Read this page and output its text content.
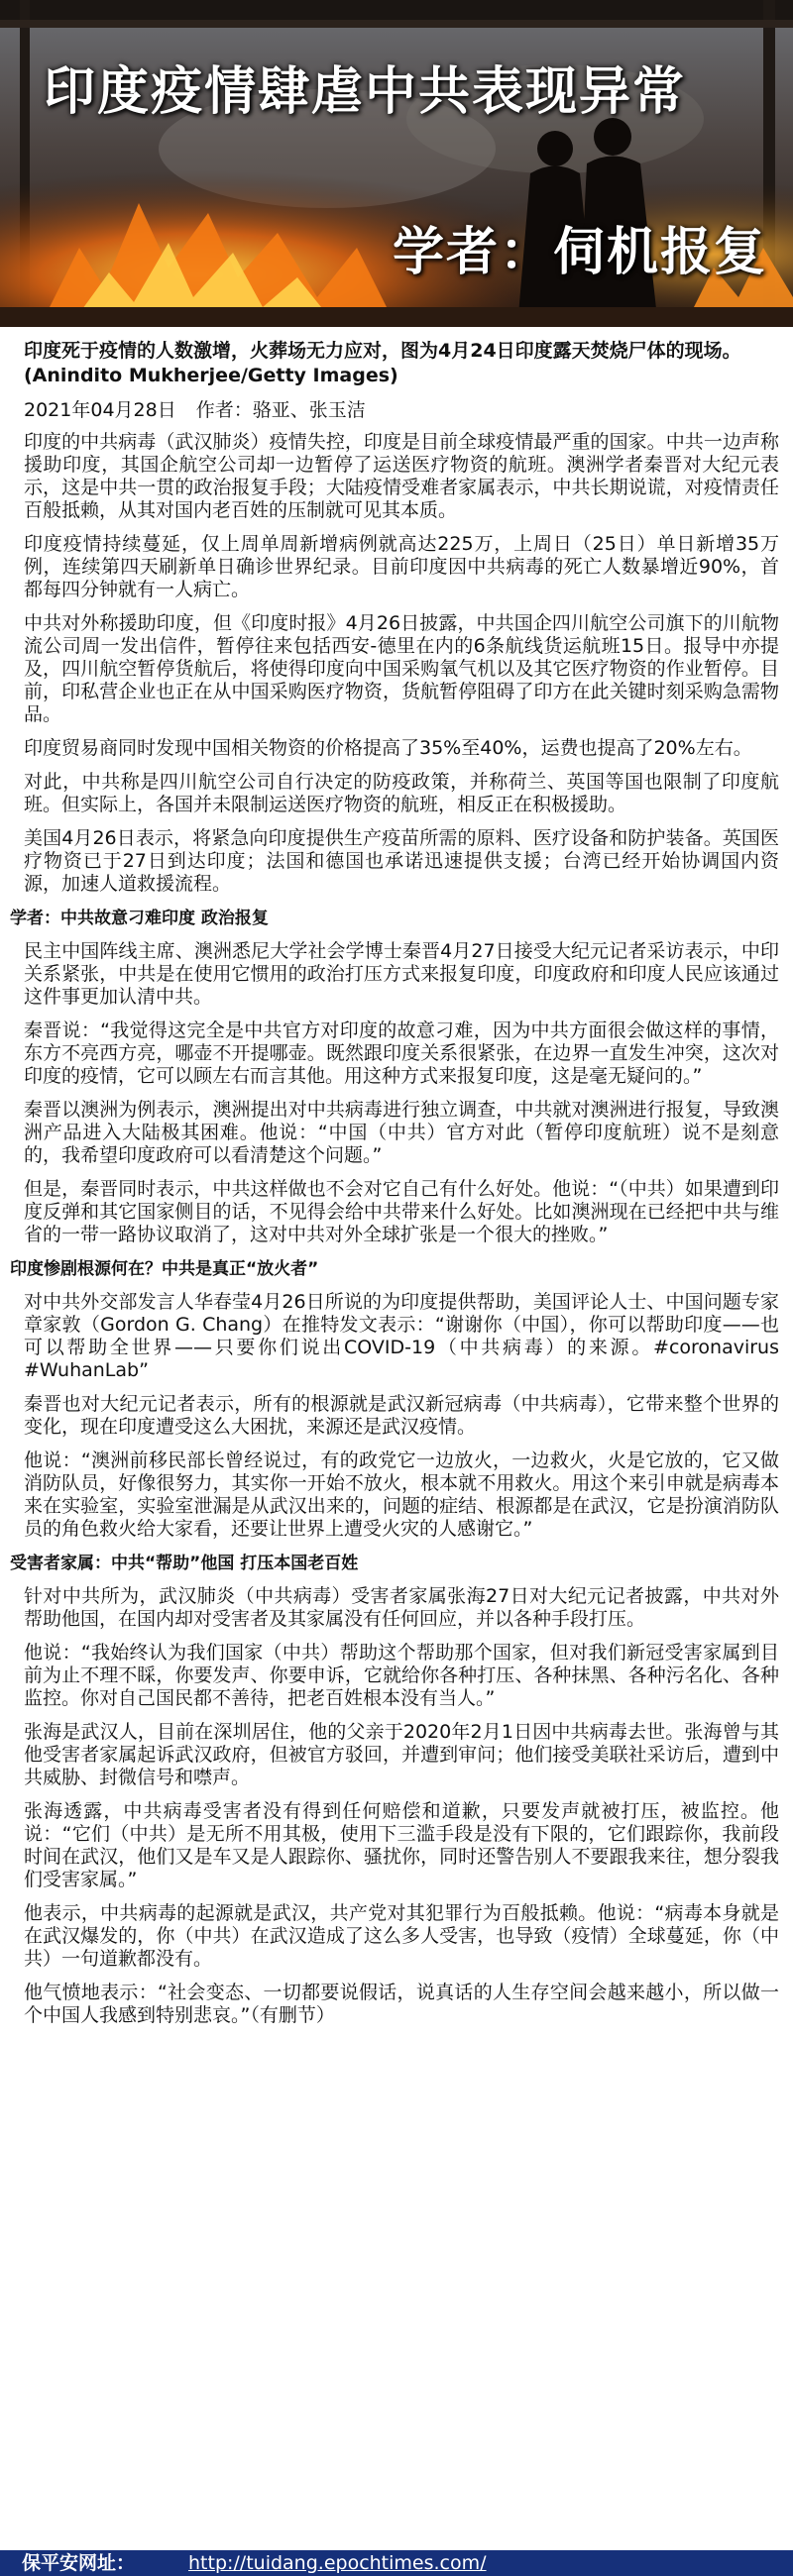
印度疫情肆虐中共表现异常
学者：伺机报复

印度死于疫情的人数激增，火葬场无力应对，图为4月24日印度露天焚烧尸体的现场。(Anindito Mukherjee/Getty Images)

2021年04月28日 作者：骆亚、张玉洁

印度的中共病毒（武汉肺炎）疫情失控，印度是目前全球疫情最严重的国家。中共一边声称援助印度，其国企航空公司却一边暂停了运送医疗物资的航班。澳洲学者秦晋对大纪元表示，这是中共一贯的政治报复手段；大陆疫情受难者家属表示，中共长期说谎，对疫情责任百般抵赖，从其对国内老百姓的压制就可见其本质。

印度疫情持续蔓延，仅上周单周新增病例就高达225万，上周日（25日）单日新增35万例，连续第四天刷新单日确诊世界纪录。目前印度因中共病毒的死亡人数暴增近90%，首都每四分钟就有一人病亡。

中共对外称援助印度，但《印度时报》4月26日披露，中共国企四川航空公司旗下的川航物流公司周一发出信件，暂停往来包括西安-德里在内的6条航线货运航班15日。报导中亦提及，四川航空暂停货航后，将使得印度向中国采购氧气机以及其它医疗物资的作业暂停。目前，印私营企业也正在从中国采购医疗物资，货航暂停阻碍了印方在此关键时刻采购急需物品。

印度贸易商同时发现中国相关物资的价格提高了35%至40%，运费也提高了20%左右。

对此，中共称是四川航空公司自行决定的防疫政策，并称荷兰、英国等国也限制了印度航班。但实际上，各国并未限制运送医疗物资的航班，相反正在积极援助。

美国4月26日表示，将紧急向印度提供生产疫苗所需的原料、医疗设备和防护装备。英国医疗物资已于27日到达印度；法国和德国也承诺迅速提供支援；台湾已经开始协调国内资源，加速人道救援流程。

学者：中共故意刁难印度 政治报复

民主中国阵线主席、澳洲悉尼大学社会学博士秦晋4月27日接受大纪元记者采访表示，中印关系紧张，中共是在使用它惯用的政治打压方式来报复印度，印度政府和印度人民应该通过这件事更加认清中共。

秦晋说：“我觉得这完全是中共官方对印度的故意刁难，因为中共方面很会做这样的事情，东方不亮西方亮，哪壶不开提哪壶。既然跟印度关系很紧张，在边界一直发生冲突，这次对印度的疫情，它可以顾左右而言其他。用这种方式来报复印度，这是毫无疑问的。”

秦晋以澳洲为例表示，澳洲提出对中共病毒进行独立调查，中共就对澳洲进行报复，导致澳洲产品进入大陆极其困难。他说：“中国（中共）官方对此（暂停印度航班）说不是刻意的，我希望印度政府可以看清楚这个问题。”

但是，秦晋同时表示，中共这样做也不会对它自己有什么好处。他说：“（中共）如果遭到印度反弹和其它国家侧目的话，不见得会给中共带来什么好处。比如澳洲现在已经把中共与维省的一带一路协议取消了，这对中共对外全球扩张是一个很大的挫败。”

印度惨剧根源何在？中共是真正“放火者”

对中共外交部发言人华春莹4月26日所说的为印度提供帮助，美国评论人士、中国问题专家章家敦（Gordon G. Chang）在推特发文表示：“谢谢你（中国），你可以帮助印度——也可以帮助全世界——只要你们说出COVID-19（中共病毒）的来源。#coronavirus #WuhanLab”

秦晋也对大纪元记者表示，所有的根源就是武汉新冠病毒（中共病毒），它带来整个世界的变化，现在印度遭受这么大困扰，来源还是武汉疫情。

他说：“澳洲前移民部长曾经说过，有的政党它一边放火，一边救火，火是它放的，它又做消防队员，好像很努力，其实你一开始不放火，根本就不用救火。用这个来引申就是病毒本来在实验室，实验室泄漏是从武汉出来的，问题的症结、根源都是在武汉，它是扮演消防队员的角色救火给大家看，还要让世界上遭受火灾的人感谢它。”

受害者家属：中共“帮助”他国 打压本国老百姓

针对中共所为，武汉肺炎（中共病毒）受害者家属张海27日对大纪元记者披露，中共对外帮助他国，在国内却对受害者及其家属没有任何回应，并以各种手段打压。

他说：“我始终认为我们国家（中共）帮助这个帮助那个国家，但对我们新冠受害家属到目前为止不理不睬，你要发声、你要申诉，它就给你各种打压、各种抹黑、各种污名化、各种监控。你对自己国民都不善待，把老百姓根本没有当人。”

张海是武汉人，目前在深圳居住，他的父亲于2020年2月1日因中共病毒去世。张海曾与其他受害者家属起诉武汉政府，但被官方驳回，并遭到审问；他们接受美联社采访后，遭到中共威胁、封微信号和噤声。

张海透露，中共病毒受害者没有得到任何赔偿和道歉，只要发声就被打压，被监控。他说：“它们（中共）是无所不用其极，使用下三滥手段是没有下限的，它们跟踪你，我前段时间在武汉，他们又是车又是人跟踪你、骚扰你，同时还警告别人不要跟我来往，想分裂我们受害家属。”

他表示，中共病毒的起源就是武汉，共产党对其犯罪行为百般抵赖。他说：“病毒本身就是在武汉爆发的，你（中共）在武汉造成了这么多人受害，也导致（疫情）全球蔓延，你（中共）一句道歉都没有。

他气愤地表示：“社会变态、一切都要说假话，说真话的人生存空间会越来越小，所以做一个中国人我感到特别悲哀。”（有删节）

保平安网址：	http://tuidang.epochtimes.com/
